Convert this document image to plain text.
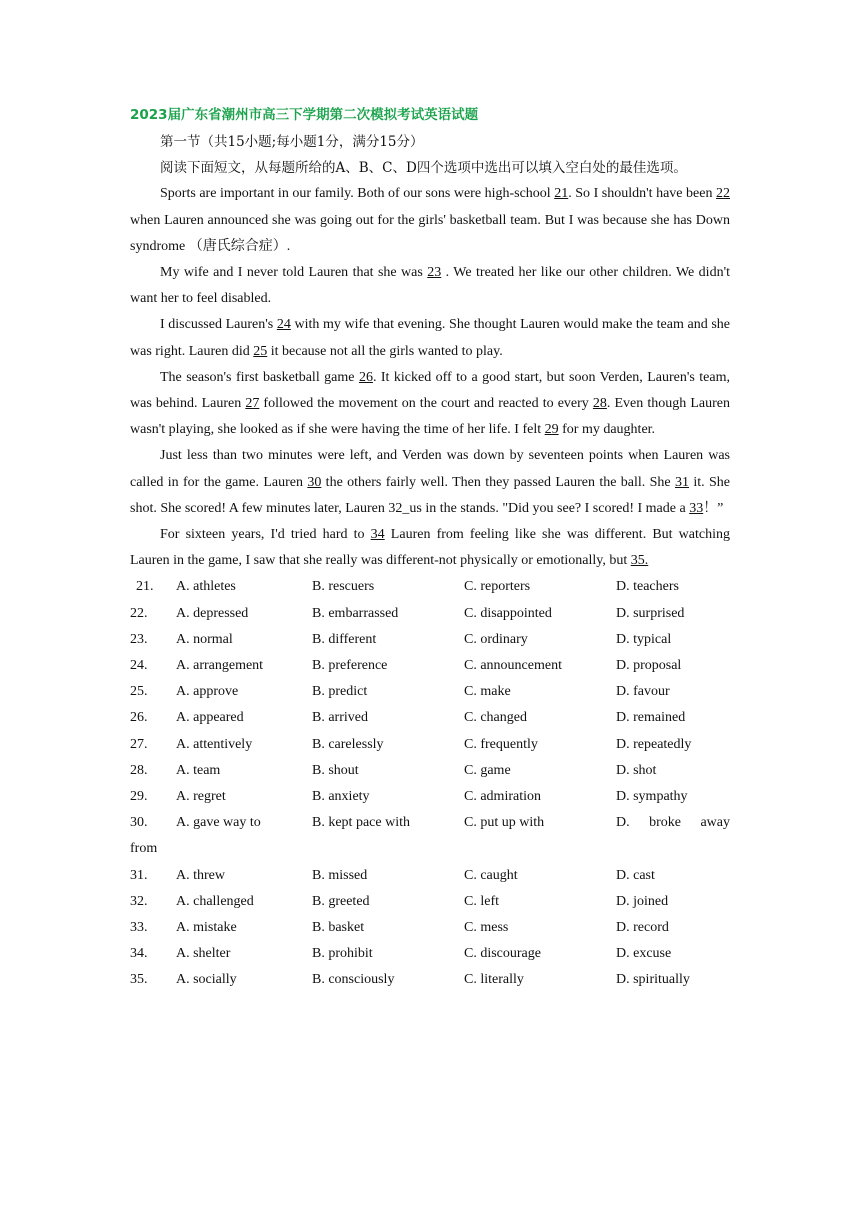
2023届广东省潮州市高三下学期第二次模拟考试英语试题
第一节（共15小题;每小题1分，满分15分）
阅读下面短文，从每题所给的A、B、C、D四个选项中选出可以填入空白处的最佳选项。
Sports are important in our family. Both of our sons were high-school 21. So I shouldn't have been 22 when Lauren announced she was going out for the girls' basketball team. But I was because she has Down syndrome （唐氏综合症）.
My wife and I never told Lauren that she was 23 . We treated her like our other children. We didn't want her to feel disabled.
I discussed Lauren's 24 with my wife that evening. She thought Lauren would make the team and she was right. Lauren did 25 it because not all the girls wanted to play.
The season's first basketball game 26. It kicked off to a good start, but soon Verden, Lauren's team, was behind. Lauren 27 followed the movement on the court and reacted to every 28. Even though Lauren wasn't playing, she looked as if she were having the time of her life. I felt 29 for my daughter.
Just less than two minutes were left, and Verden was down by seventeen points when Lauren was called in for the game. Lauren 30 the others fairly well. Then they passed Lauren the ball. She 31 it. She shot. She scored! A few minutes later, Lauren 32_us in the stands. "Did you see? I scored! I made a 33！”
For sixteen years, I'd tried hard to 34 Lauren from feeling like she was different. But watching Lauren in the game, I saw that she really was different-not physically or emotionally, but 35.
21.	A. athletes	B. rescuers	C. reporters	D. teachers
22.	A. depressed	B. embarrassed	C. disappointed	D. surprised
23.	A. normal	B. different	C. ordinary	D. typical
24.	A. arrangement	B. preference	C. announcement	D. proposal
25.	A. approve	B. predict	C. make	D. favour
26.	A. appeared	B. arrived	C. changed	D. remained
27.	A. attentively	B. carelessly	C. frequently	D. repeatedly
28.	A. team	B. shout	C. game	D. shot
29.	A. regret	B. anxiety	C. admiration	D. sympathy
30.	A. gave way to	B. kept pace with	C. put up with	D. broke away
from
31.	A. threw	B. missed	C. caught	D. cast
32.	A. challenged	B. greeted	C. left	D. joined
33.	A. mistake	B. basket	C. mess	D. record
34.	A. shelter	B. prohibit	C. discourage	D. excuse
35.	A. socially	B. consciously	C. literally	D. spiritually
